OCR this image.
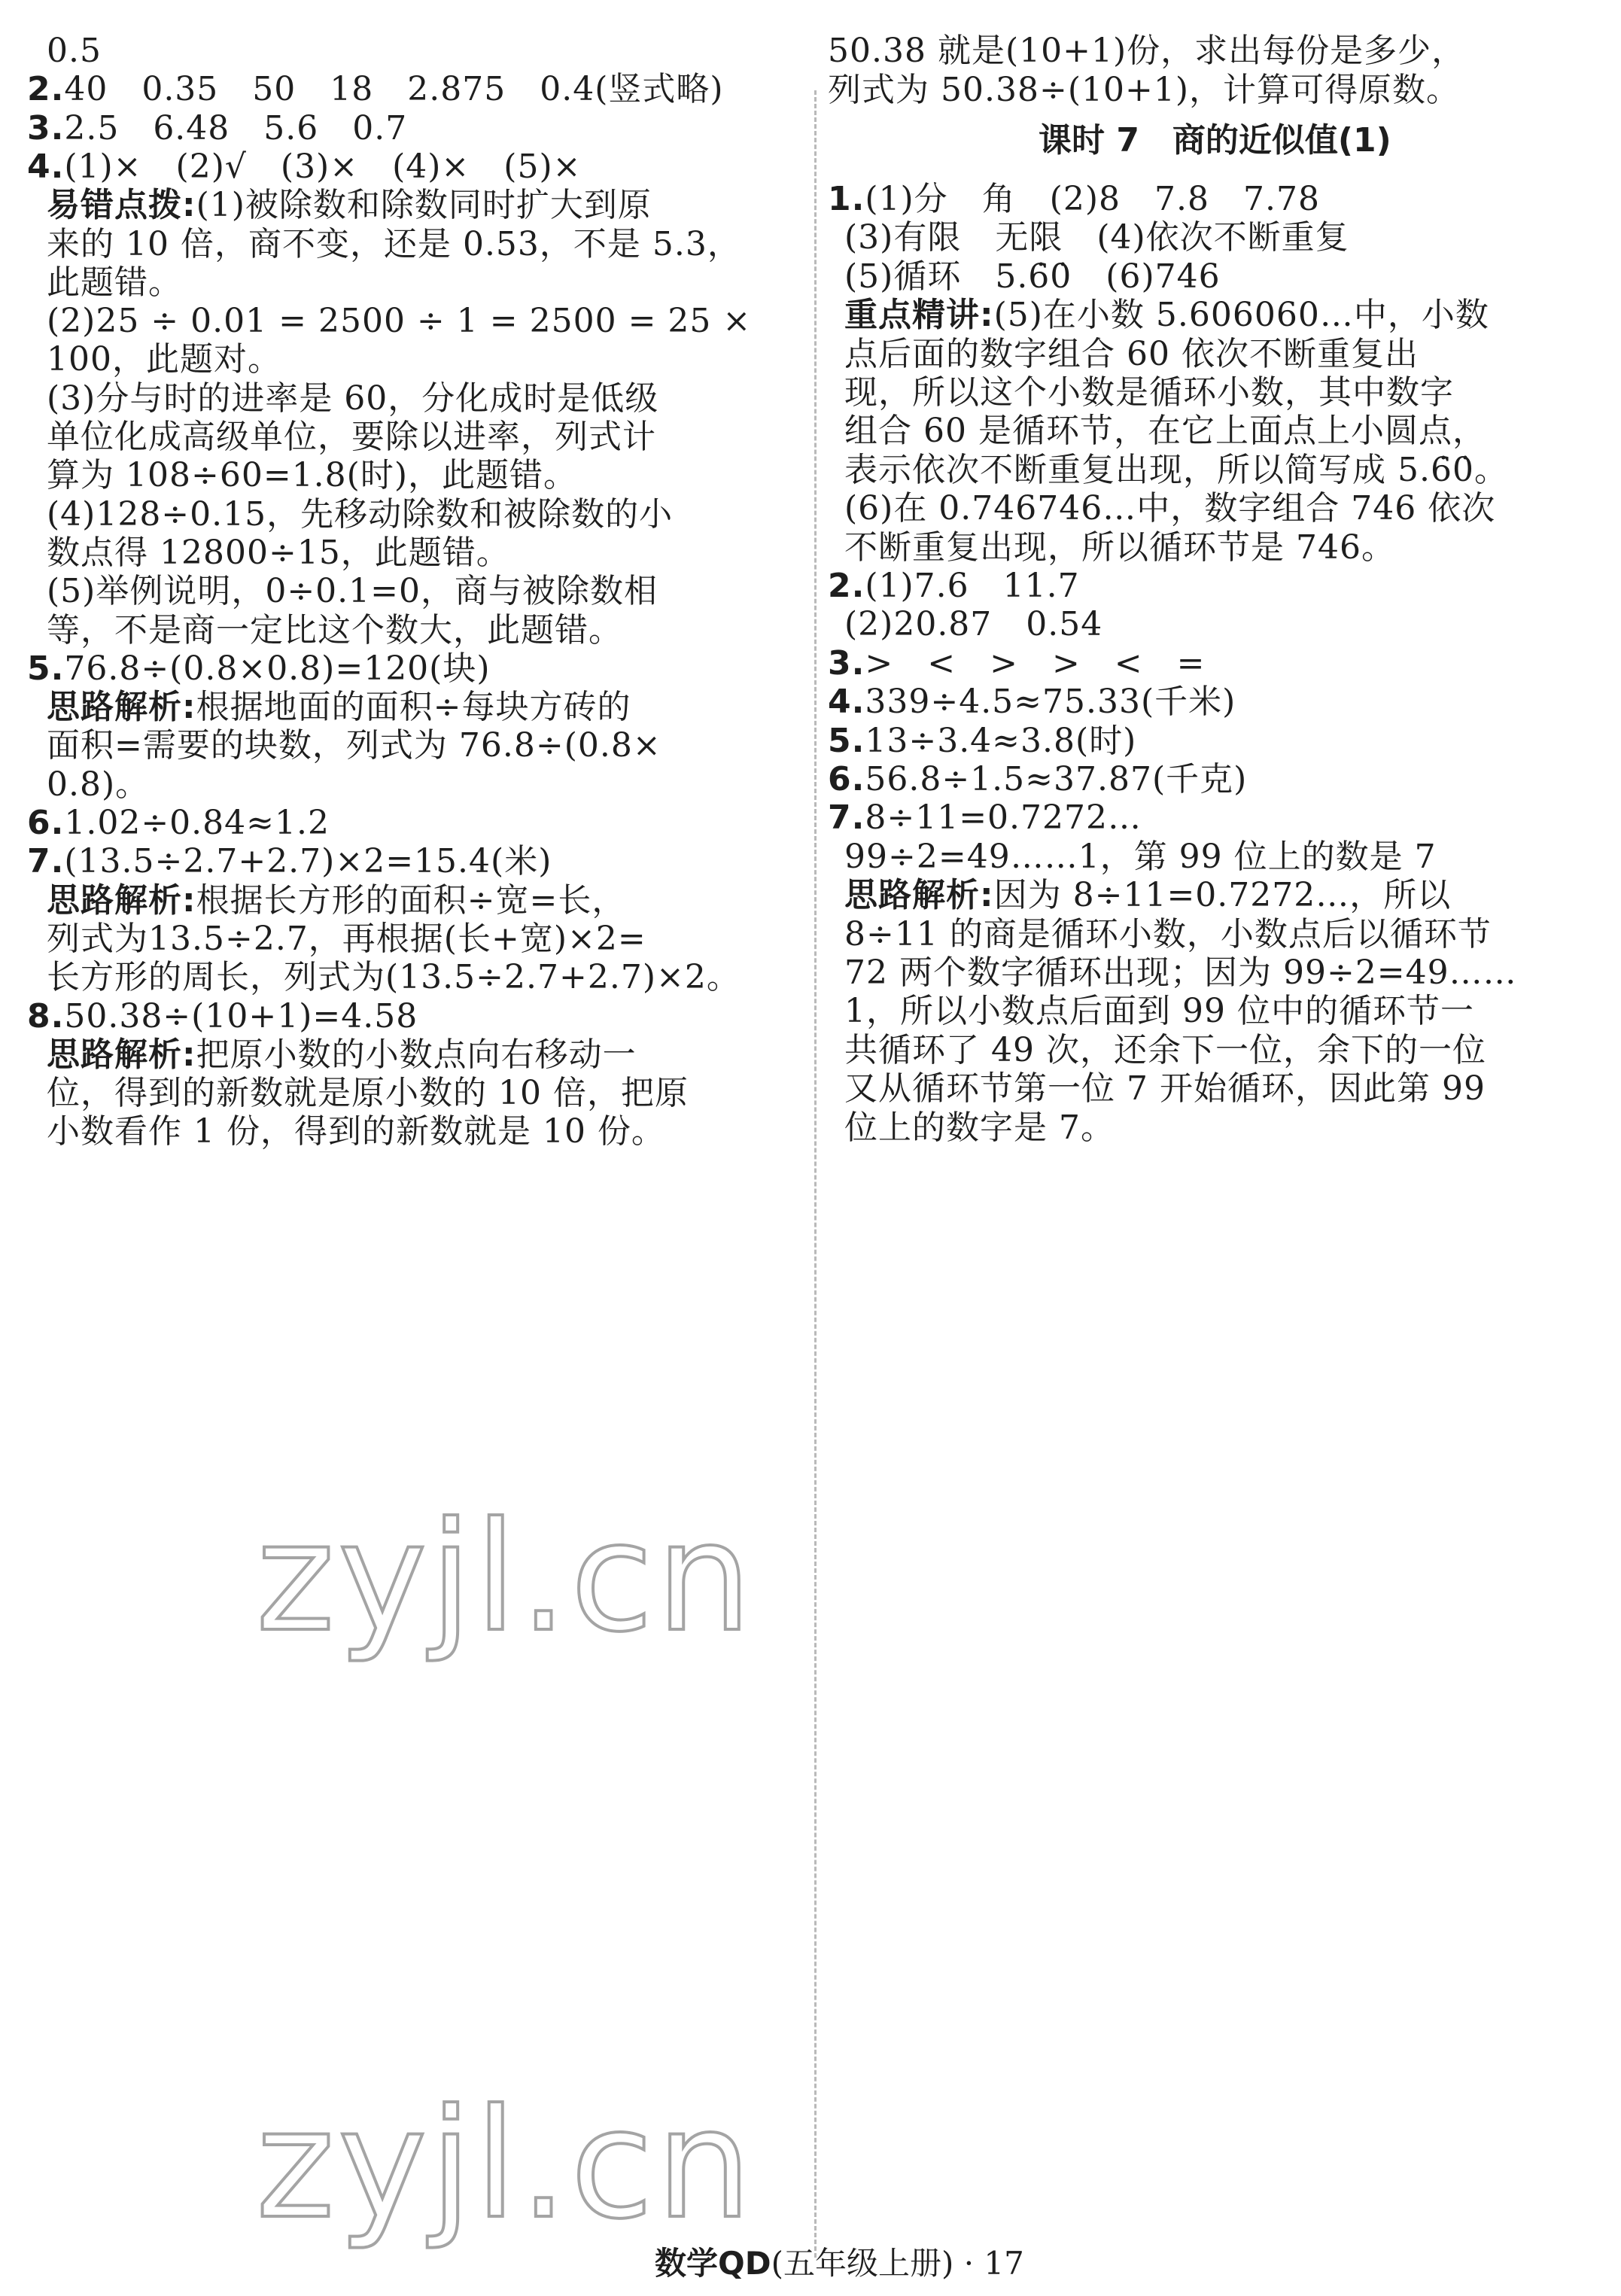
0.5
2.40　0.35　50　18　2.875　0.4(竖式略)
3.2.5　6.48　5.6　0.7
4.(1)×　(2)√　(3)×　(4)×　(5)×
易错点拨:(1)被除数和除数同时扩大到原
来的 10 倍，商不变，还是 0.53，不是 5.3，
此题错。
(2)25 ÷ 0.01 = 2500 ÷ 1 = 2500 = 25 ×
100，此题对。
(3)分与时的进率是 60，分化成时是低级
单位化成高级单位，要除以进率，列式计
算为 108÷60=1.8(时)，此题错。
(4)128÷0.15，先移动除数和被除数的小
数点得 12800÷15，此题错。
(5)举例说明，0÷0.1=0，商与被除数相
等，不是商一定比这个数大，此题错。
5.76.8÷(0.8×0.8)=120(块)
思路解析:根据地面的面积÷每块方砖的
面积=需要的块数，列式为 76.8÷(0.8×
0.8)。
6.1.02÷0.84≈1.2
7.(13.5÷2.7+2.7)×2=15.4(米)
思路解析:根据长方形的面积÷宽=长，
列式为13.5÷2.7，再根据(长+宽)×2=
长方形的周长，列式为(13.5÷2.7+2.7)×2。
8.50.38÷(10+1)=4.58
思路解析:把原小数的小数点向右移动一
位，得到的新数就是原小数的 10 倍，把原
小数看作 1 份，得到的新数就是 10 份。
50.38 就是(10+1)份，求出每份是多少，
列式为 50.38÷(10+1)，计算可得原数。
1.(1)分　角　(2)8　7.8　7.78
(3)有限　无限　(4)依次不断重复
(5)循环　5.6̇0̇　(6)746
重点精讲:(5)在小数 5.606060…中，小数
点后面的数字组合 60 依次不断重复出
现，所以这个小数是循环小数，其中数字
组合 60 是循环节，在它上面点上小圆点，
表示依次不断重复出现，所以简写成 5.6̇0̇。
(6)在 0.746746…中，数字组合 746 依次
不断重复出现，所以循环节是 746。
2.(1)7.6　11.7
(2)20.87　0.54
3.>　<　>　>　<　=
4.339÷4.5≈75.33(千米)
5.13÷3.4≈3.8(时)
6.56.8÷1.5≈37.87(千克)
7.8÷11=0.7272…
99÷2=49……1，第 99 位上的数是 7
思路解析:因为 8÷11=0.7272…，所以
8÷11 的商是循环小数，小数点后以循环节
72 两个数字循环出现；因为 99÷2=49……
1，所以小数点后面到 99 位中的循环节一
共循环了 49 次，还余下一位，余下的一位
又从循环节第一位 7 开始循环，因此第 99
位上的数字是 7。
课时 7　商的近似值(1)
zyjl.cn
zyjl.cn
数学QD(五年级上册) · 17
